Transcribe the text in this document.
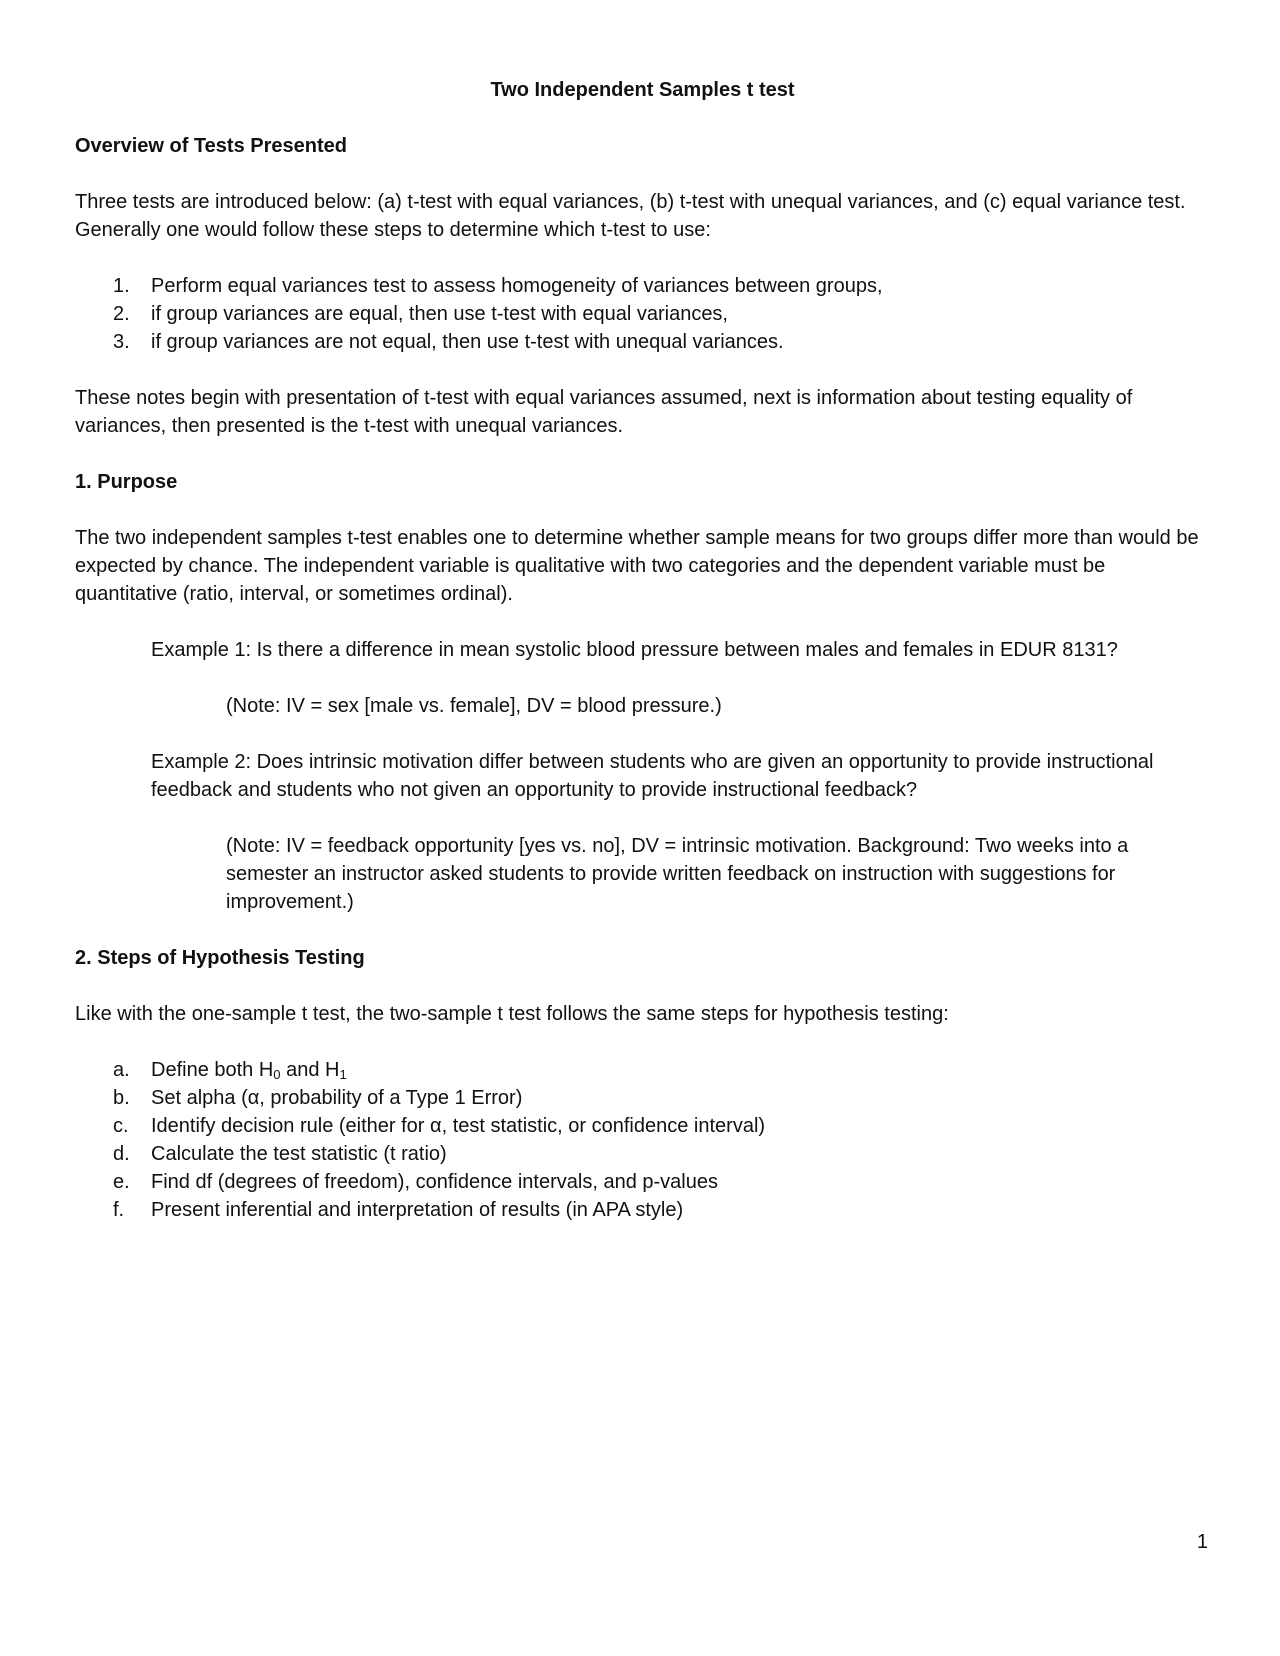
Two Independent Samples t test
Overview of Tests Presented

Three tests are introduced below: (a) t-test with equal variances, (b) t-test with unequal variances, and (c) equal variance test. Generally one would follow these steps to determine which t-test to use:

1.	Perform equal variances test to assess homogeneity of variances between groups,
2.	if group variances are equal, then use t-test with equal variances,
3.	if group variances are not equal, then use t-test with unequal variances.

These notes begin with presentation of t-test with equal variances assumed, next is information about testing equality of variances, then presented is the t-test with unequal variances.

1. Purpose

The two independent samples t-test enables one to determine whether sample means for two groups differ more than would be expected by chance. The independent variable is qualitative with two categories and the dependent variable must be quantitative (ratio, interval, or sometimes ordinal).

Example 1: Is there a difference in mean systolic blood pressure between males and females in EDUR 8131?

(Note: IV = sex [male vs. female], DV = blood pressure.)

Example 2: Does intrinsic motivation differ between students who are given an opportunity to provide instructional feedback and students who not given an opportunity to provide instructional feedback?

(Note: IV = feedback opportunity [yes vs. no], DV = intrinsic motivation. Background: Two weeks into a semester an instructor asked students to provide written feedback on instruction with suggestions for improvement.)

2. Steps of Hypothesis Testing

Like with the one-sample t test, the two-sample t test follows the same steps for hypothesis testing:

a.	Define both $H_0$ and $H_1$
b.	Set alpha (α, probability of a Type 1 Error)
c.	Identify decision rule (either for α, test statistic, or confidence interval)
d.	Calculate the test statistic (t ratio)
e.	Find df (degrees of freedom), confidence intervals, and p-values
f.	Present inferential and interpretation of results (in APA style)
1
